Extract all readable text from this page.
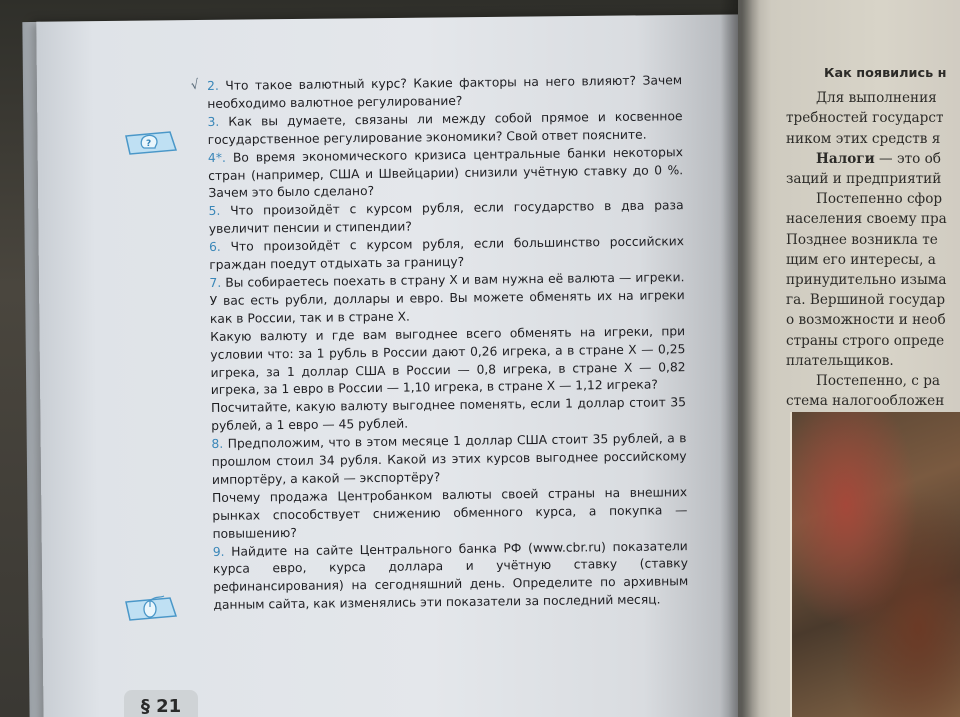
√ 2. Что такое валютный курс? Какие факторы на него влияют? Зачем необходимо валютное регулирование?

3. Как вы думаете, связаны ли между собой прямое и косвенное государственное регулирование экономики? Свой ответ поясните.

4*. Во время экономического кризиса центральные банки некоторых стран (например, США и Швейцарии) снизили учётную ставку до 0 %. Зачем это было сделано?

5. Что произойдёт с курсом рубля, если государство в два раза увеличит пенсии и стипендии?

6. Что произойдёт с курсом рубля, если большинство российских граждан поедут отдыхать за границу?

7. Вы собираетесь поехать в страну X и вам нужна её валюта — игреки. У вас есть рубли, доллары и евро. Вы можете обменять их на игреки как в России, так и в стране X.

Какую валюту и где вам выгоднее всего обменять на игреки, при условии что: за 1 рубль в России дают 0,26 игрека, а в стране X — 0,25 игрека, за 1 доллар США в России — 0,8 игрека, в стране X — 0,82 игрека, за 1 евро в России — 1,10 игрека, в стране X — 1,12 игрека?

Посчитайте, какую валюту выгоднее поменять, если 1 доллар стоит 35 рублей, а 1 евро — 45 рублей.

8. Предположим, что в этом месяце 1 доллар США стоит 35 рублей, а в прошлом стоил 34 рубля. Какой из этих курсов выгоднее российскому импортёру, а какой — экспортёру?

Почему продажа Центробанком валюты своей страны на внешних рынках способствует снижению обменного курса, а покупка — повышению?

9. Найдите на сайте Центрального банка РФ (www.cbr.ru) показатели курса евро, курса доллара и учётную ставку (ставку рефинансирования) на сегодняшний день. Определите по архивным данным сайта, как изменялись эти показатели за последний месяц.

?
§ 21

Как появились н

Для выполнения

требностей государст

ником этих средств я

Налоги — это об

заций и предприятий

Постепенно сфор

населения своему пра

Позднее возникла те

щим его интересы, а

принудительно изыма

га. Вершиной государ

о возможности и необ

страны строго опреде

плательщиков.

Постепенно, с ра

стема налогообложен
